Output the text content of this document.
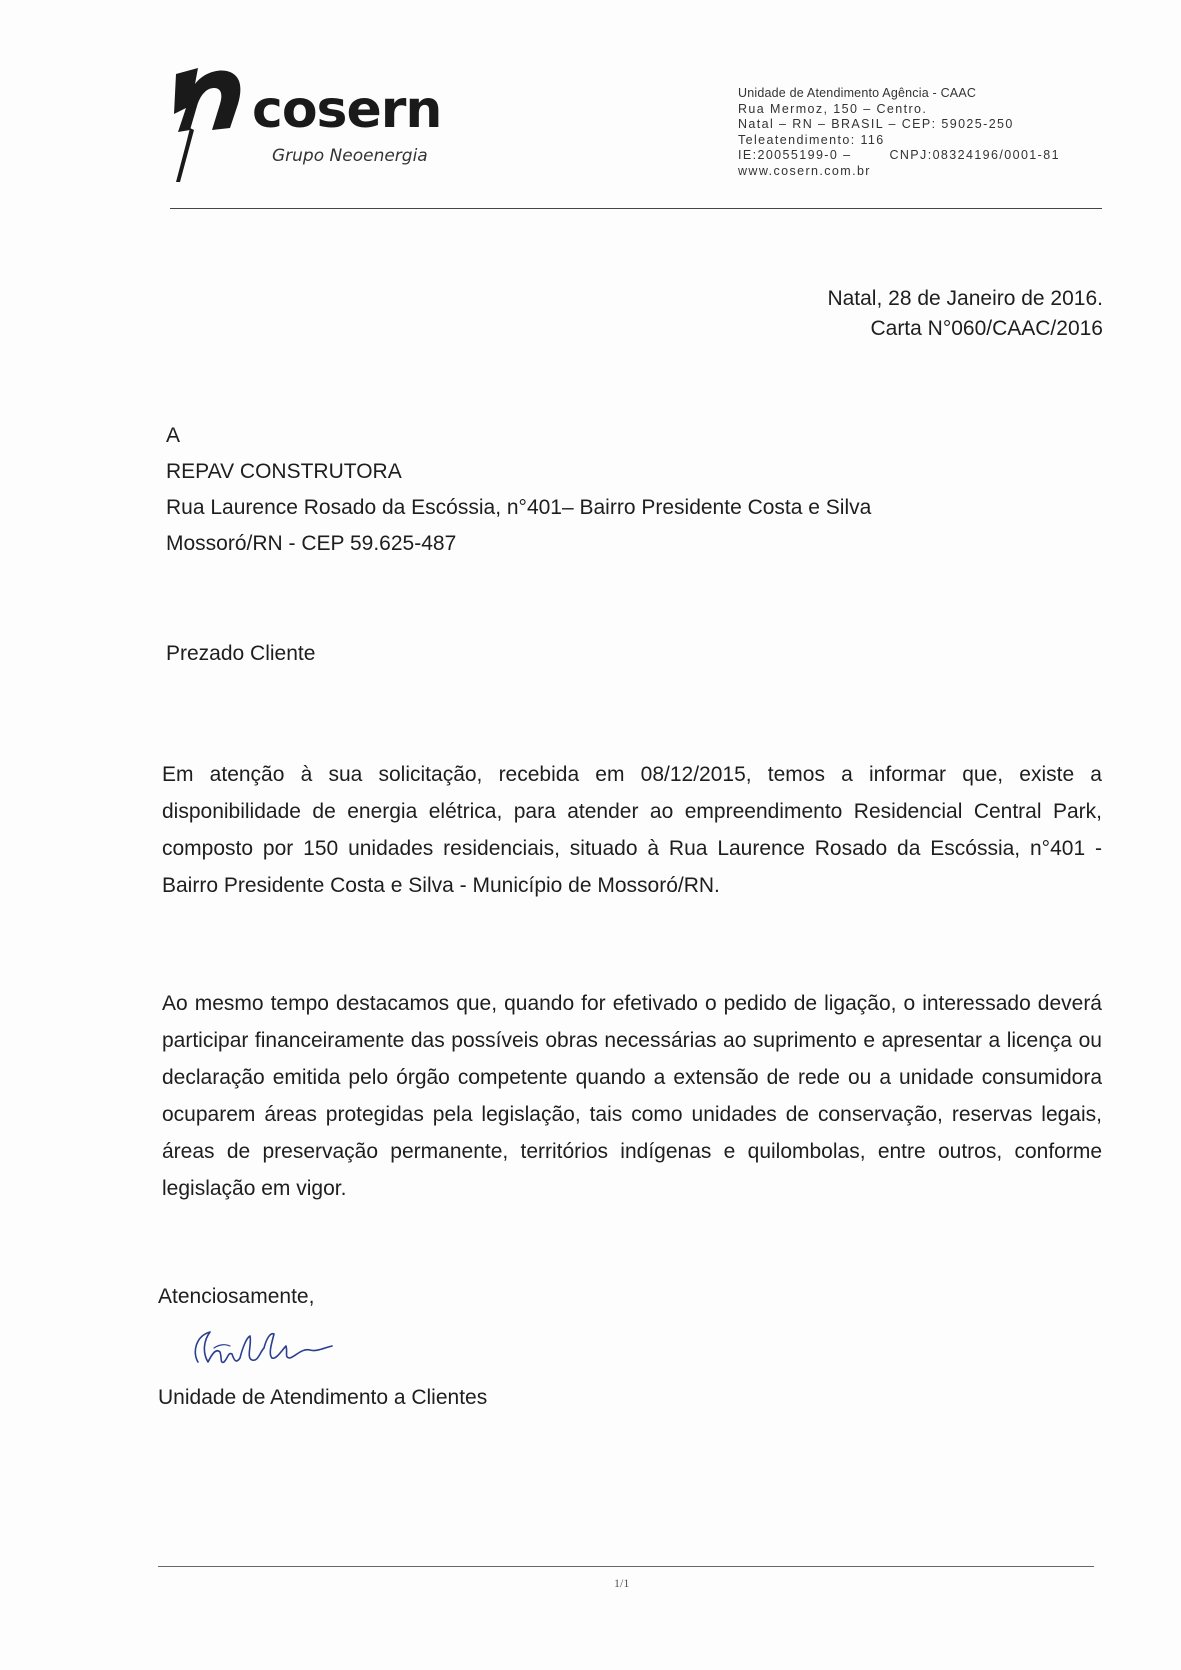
cosern
Grupo Neoenergia
Unidade de Atendimento Agência - CAAC
Rua Mermoz, 150 – Centro.
Natal – RN – BRASIL – CEP: 59025-250
Teleatendimento: 116
IE:20055199-0 –	CNPJ:08324196/0001-81
www.cosern.com.br
Natal, 28 de Janeiro de 2016.
Carta N°060/CAAC/2016
A
REPAV CONSTRUTORA
Rua Laurence Rosado da Escóssia, n°401– Bairro Presidente Costa e Silva
Mossoró/RN - CEP 59.625-487
Prezado Cliente
Em atenção à sua solicitação, recebida em 08/12/2015, temos a informar que, existe a disponibilidade de energia elétrica, para atender ao empreendimento Residencial Central Park, composto por 150 unidades residenciais, situado à Rua Laurence Rosado da Escóssia, n°401 - Bairro Presidente Costa e Silva - Município de Mossoró/RN.
Ao mesmo tempo destacamos que, quando for efetivado o pedido de ligação, o interessado deverá participar financeiramente das possíveis obras necessárias ao suprimento e apresentar a licença ou declaração emitida pelo órgão competente quando a extensão de rede ou a unidade consumidora ocuparem áreas protegidas pela legislação, tais como unidades de conservação, reservas legais, áreas de preservação permanente, territórios indígenas e quilombolas, entre outros, conforme legislação em vigor.
Atenciosamente,
Unidade de Atendimento a Clientes
1/1
